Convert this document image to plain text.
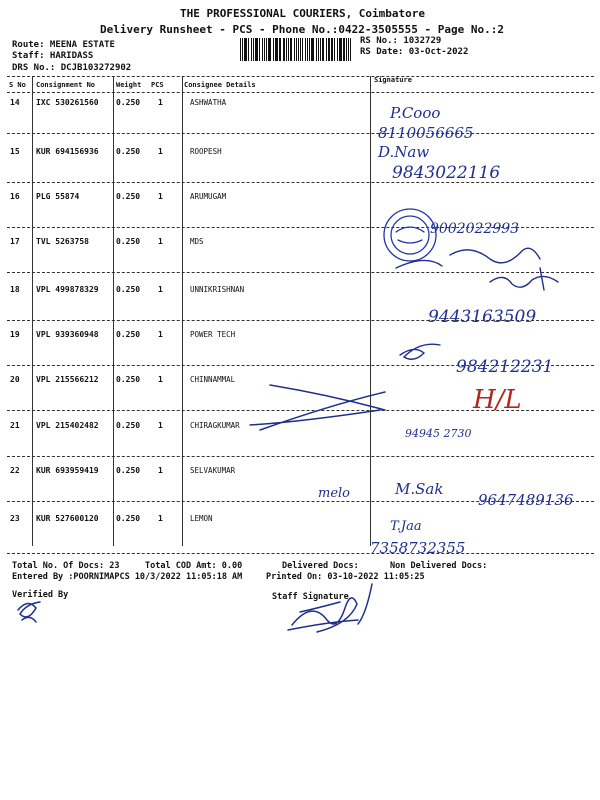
THE PROFESSIONAL COURIERS, Coimbatore
Delivery Runsheet - PCS - Phone No.:0422-3505555 - Page No.:2
Route: MEENA ESTATE
Staff: HARIDASS
DRS No.: DCJB103272902
RS No.: 1032729
RS Date: 03-Oct-2022
S No Consignment No	Weight PCS	Consignee Details
Signature
14 IXC 530261560 0.250 1	ASHWATHA
15 KUR 694156936 0.250 1	ROOPESH
16 PLG 55874	0.250 1	ARUMUGAM
17 TVL 5263758	0.250 1	MDS
18 VPL 499878329 0.250 1	UNNIKRISHNAN
19 VPL 939360948 0.250 1	POWER TECH
20 VPL 215566212 0.250 1	CHINNAMMAL
21 VPL 215402482 0.250 1	CHIRAGKUMAR
22 KUR 693959419 0.250 1	SELVAKUMAR
23 KUR 527600120 0.250 1	LEMON
Total No. Of Docs: 23	Total COD Amt: 0.00	Delivered Docs:	Non Delivered Docs:
Entered By :POORNIMAPCS 10/3/2022 11:05:18 AM	Printed On: 03-10-2022 11:05:25
Verified By	Staff Signature
P.Cooo
8110056665
D.Naw
9843022116
9002022993
9443163509
984212231
H/L
94945 2730
melo	M.Sak
9647489136
T.Jaa
7358732355
